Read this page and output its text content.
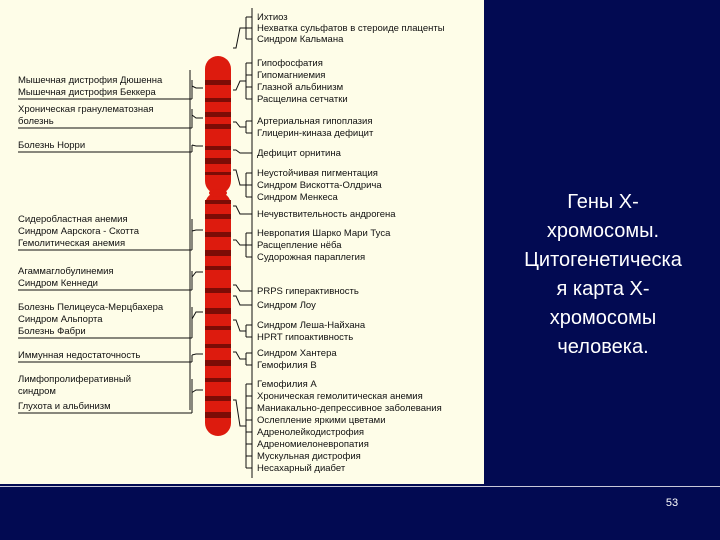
Ихтиоз
Нехватка сульфатов в стероиде плаценты
Синдром Кальмана
Гипофосфатия
Гипомагниемия
Глазной альбинизм
Расщелина сетчатки
Артериальная гипоплазия
Глицерин-киназа дефицит
Дефицит орнитина
Неустойчивая пигментация
Синдром Вискотта-Олдрича
Синдром Менкеса
Нечувствительность андрогена
Невропатия Шарко Мари Туса
Расщепление нёба
Судорожная параплегия
PRPS гиперактивность
Синдром Лоу
Синдром Леша-Найхана
HPRT гипоактивность
Синдром Хантера
Гемофилия B
Гемофилия А
Хроническая гемолитическая анемия
Маниакально-депрессивное заболевания
Ослепление яркими цветами
Адренолейкодистрофия
Адреномиелоневропатия
Мускульная дистрофия
Несахарный диабет
Мышечная дистрофия Дюшенна
Мышечная дистрофия Беккера
Хроническая гранулематозная
болезнь
Болезнь Норри
Сидеробластная анемия
Синдром Аарскога - Скотта
Гемолитическая анемия
Агаммаглобулинемия
Синдром Кеннеди
Болезнь Пелицеуса-Мерцбахера
Синдром Альпорта
Болезнь Фабри
Иммунная недостаточность
Лимфопролиферативный
синдром
Глухота и альбинизм
Гены X-
хромосомы.
Цитогенетическа
я карта X-
хромосомы
человека.
53
